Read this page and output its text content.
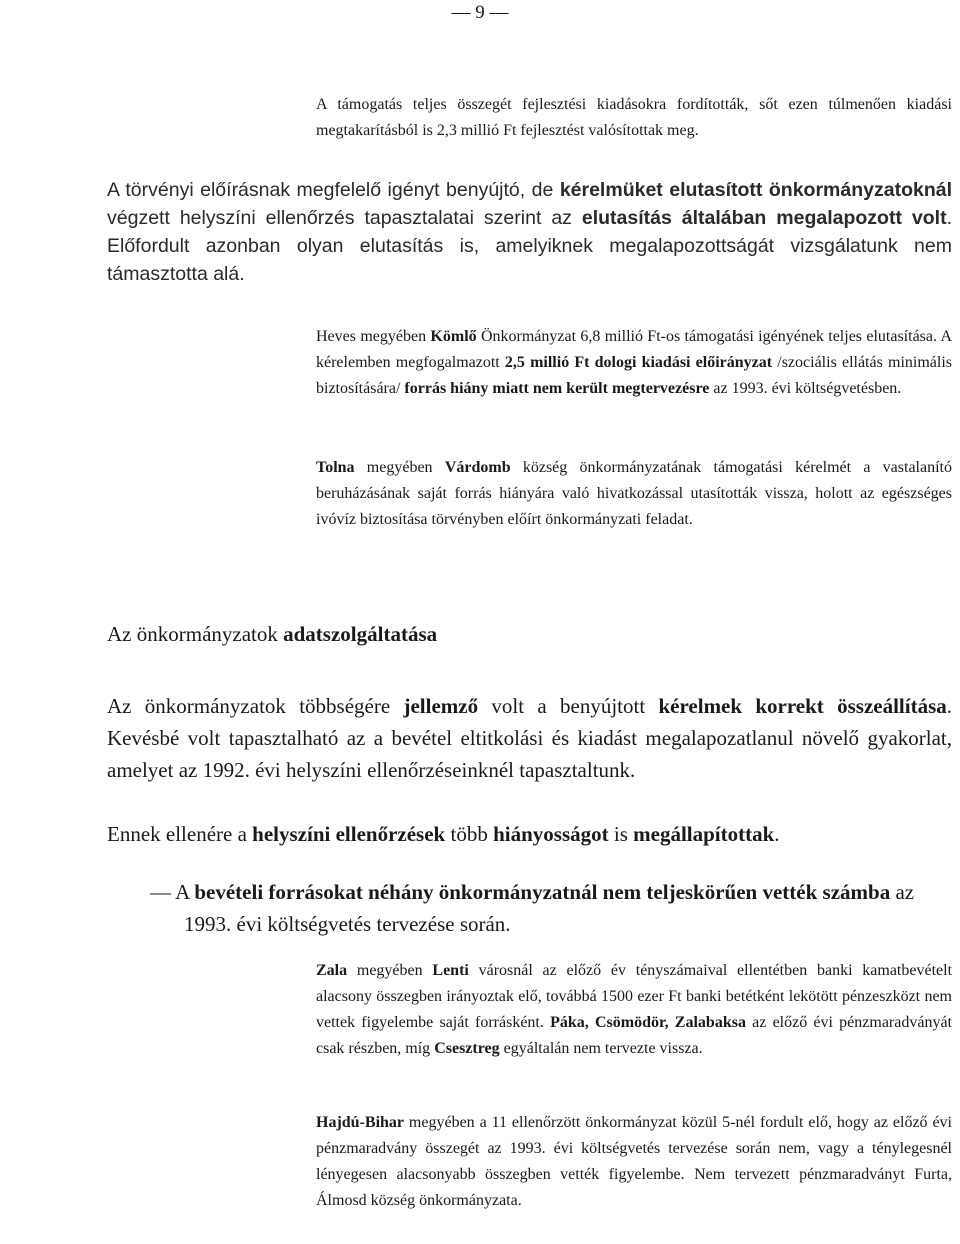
— 9 —
A támogatás teljes összegét fejlesztési kiadásokra fordították, sőt ezen túlmenően kiadási megtakarításból is 2,3 millió Ft fejlesztést valósítottak meg.
A törvényi előírásnak megfelelő igényt benyújtó, de kérelmüket elutasított önkormányzatoknál végzett helyszíni ellenőrzés tapasztalatai szerint az elutasítás általában megalapozott volt. Előfordult azonban olyan elutasítás is, amelyiknek megalapozottságát vizsgálatunk nem támasztotta alá.
Heves megyében Kömlő Önkormányzat 6,8 millió Ft-os támogatási igényének teljes elutasítása. A kérelemben megfogalmazott 2,5 millió Ft dologi kiadási előirányzat /szociális ellátás minimális biztosítására/ forrás hiány miatt nem került megtervezésre az 1993. évi költségvetésben.
Tolna megyében Várdomb község önkormányzatának támogatási kérelmét a vastalanító beruházásának saját forrás hiányára való hivatkozással utasították vissza, holott az egészséges ivóvíz biztosítása törvényben előírt önkormányzati feladat.
Az önkormányzatok adatszolgáltatása
Az önkormányzatok többségére jellemző volt a benyújtott kérelmek korrekt összeállítása. Kevésbé volt tapasztalható az a bevétel eltitkolási és kiadást megalapozatlanul növelő gyakorlat, amelyet az 1992. évi helyszíni ellenőrzéseinknél tapasztaltunk.
Ennek ellenére a helyszíni ellenőrzések több hiányosságot is megállapítottak.
— A bevételi forrásokat néhány önkormányzatnál nem teljeskörűen vették számba az 1993. évi költségvetés tervezése során.
Zala megyében Lenti városnál az előző év tényszámaival ellentétben banki kamatbevételt alacsony összegben irányoztak elő, továbbá 1500 ezer Ft banki betétként lekötött pénzeszközt nem vettek figyelembe saját forrásként. Páka, Csömödör, Zalabaksa az előző évi pénzmaradványát csak részben, míg Csesztreg egyáltalán nem tervezte vissza.
Hajdú-Bihar megyében a 11 ellenőrzött önkormányzat közül 5-nél fordult elő, hogy az előző évi pénzmaradvány összegét az 1993. évi költségvetés tervezése során nem, vagy a ténylegesnél lényegesen alacsonyabb összegben vették figyelembe. Nem tervezett pénzmaradványt Furta, Álmosd község önkormányzata.
